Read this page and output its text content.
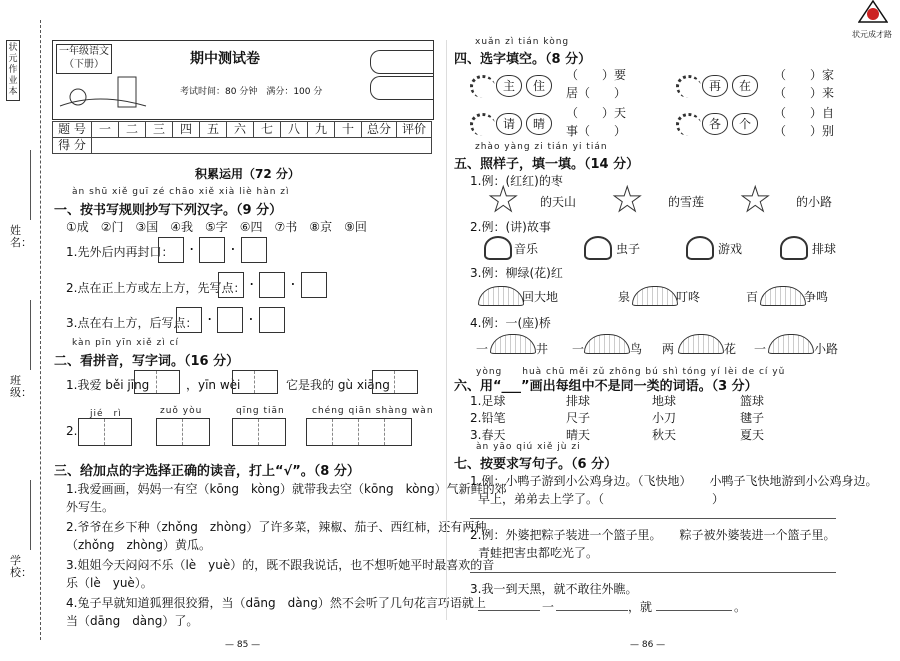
状元作业本
姓名：
班级：
学校：
状元成才路
一年级语文
（下册）	期中测试卷
考试时间：80 分钟　满分：100 分
题 号	一	二	三	四	五	六	七	八	九	十	总分 评价
得 分
积累运用（72 分）
àn shū xiě guī zé chāo xiě xià liè hàn zì
一、按书写规则抄写下列汉字。（9 分）
①成　②门　③国　④我　⑤字　⑥四　⑦书　⑧京　⑨回
1.先外后内再封口： ·  ·
2.点在正上方或左上方，先写点：
·  ·
3.点在右上方，后写点： ·  ·
kàn pīn yīn xiě zì cí
二、看拼音，写字词。（16 分）
1.我爱 běi jīng	，yīn wèi	它是我的 gù xiāng
jié　rì	zuǒ yòu	qīng tiān	chéng qiān shàng wàn
2.
三、给加点的字选择正确的读音，打上“√”。（8 分）
1.我爱画画，妈妈一有空（kōng　kòng）就带我去空（kōng　kòng）气新鲜的郊
外写生。
2.爷爷在乡下种（zhǒng　zhòng）了许多菜，辣椒、茄子、西红柿，还有两种
（zhǒng　zhòng）黄瓜。
3.姐姐今天闷闷不乐（lè　yuè）的，既不跟我说话，也不想听她平时最喜欢的音
乐（lè　yuè）。
4.兔子早就知道狐狸很狡猾，当（dāng　dàng）然不会听了几句花言巧语就上
当（dāng　dàng）了。
— 85 —
xuǎn zì tián kòng
四、选字填空。（8 分）
主	住
（　　）要
居（　　）	再	在
（　　）家
（　　）来
请	晴
（　　）天
事（　　）	各	个
（　　）自
（　　）别
zhào yàng zi tián yi tián
五、照样子，填一填。（14 分）
1.例：(红红)的枣
★ 的天山 ★ 的雪莲 ★ 的小路
2.例：(讲)故事
音乐	虫子	游戏	排球
3.例：柳绿(花)红
回大地	泉	叮咚	百	争鸣
4.例：一(座)桥
一	井 一	鸟 两	花 一	小路
yòng　　huà chū měi zǔ zhōng bú shì tóng yí lèi de cí yǔ
六、用“___”画出每组中不是同一类的词语。（3 分）
1.足球	排球	地球	篮球
2.铅笔	尺子	小刀	毽子
3.春天	晴天	秋天	夏天
àn yāo qiú xiě jù zi
七、按要求写句子。（6 分）
1.例：小鸭子游到小公鸡身边。（飞快地）　　小鸭子飞快地游到小公鸡身边。
早上，弟弟去上学了。（　　　　　　　　　）
2.例：外婆把粽子装进一个篮子里。　　粽子被外婆装进一个篮子里。
青蛙把害虫都吃光了。
3.我一到天黑，就不敢往外瞧。
一	，就	。
— 86 —
